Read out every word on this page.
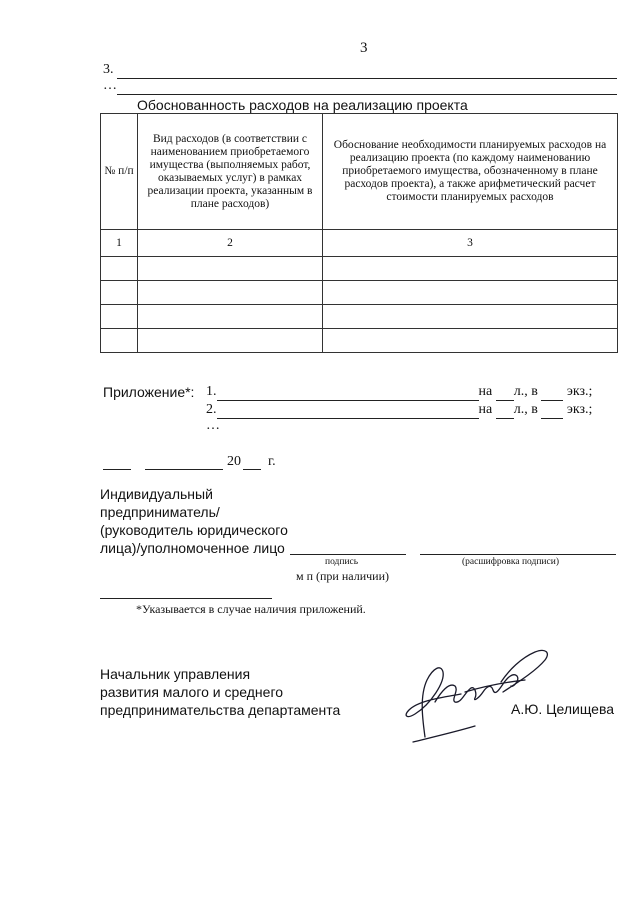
3
3.
…
Обоснованность расходов на реализацию проекта
№ п/п	Вид расходов (в соответствии с наименованием приобретаемого имущества (выполняемых работ, оказываемых услуг) в рамках реализации проекта, указанным в плане расходов)	Обоснование необходимости планируемых расходов на реализацию проекта (по каждому наименованию приобретаемого имущества, обозначенному в плане расходов проекта), а также арифметический расчет стоимости планируемых расходов
1	2	3

Приложение*: 1.	на л., в экз.;
2.	на л., в экз.;
…
20 г.
Индивидуальный
предприниматель/
(руководитель юридического
лица)/уполномоченное лицо
подпись	(расшифровка подписи)
м п (при наличии)
*Указывается в случае наличия приложений.
Начальник управления
развития малого и среднего
предпринимательства департамента	А.Ю. Целищева
